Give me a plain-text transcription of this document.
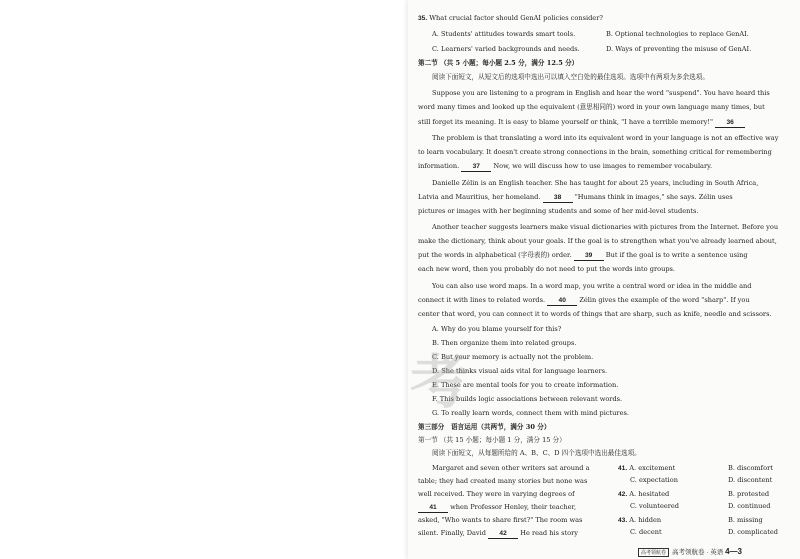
35. What crucial factor should GenAI policies consider?
A. Students' attitudes towards smart tools.	B. Optional technologies to replace GenAI.
C. Learners' varied backgrounds and needs.	D. Ways of preventing the misuse of GenAI.
第二节 （共 5 小题；每小题 2.5 分，满分 12.5 分）
阅读下面短文，从短文后的选项中选出可以填入空白处的最佳选项。选项中有两项为多余选项。
Suppose you are listening to a program in English and hear the word "suspend". You have heard this
word many times and looked up the equivalent (意思相同的) word in your own language many times, but
still forget its meaning. It is easy to blame yourself or think, "I have a terrible memory!" 36
The problem is that translating a word into its equivalent word in your language is not an effective way
to learn vocabulary. It doesn't create strong connections in the brain, something critical for remembering
information. 37 Now, we will discuss how to use images to remember vocabulary.
Danielle Zélin is an English teacher. She has taught for about 25 years, including in South Africa,
Latvia and Mauritius, her homeland. 38 "Humans think in images," she says. Zélin uses
pictures or images with her beginning students and some of her mid-level students.
Another teacher suggests learners make visual dictionaries with pictures from the Internet. Before you
make the dictionary, think about your goals. If the goal is to strengthen what you've already learned about,
put the words in alphabetical (字母表的) order. 39 But if the goal is to write a sentence using
each new word, then you probably do not need to put the words into groups.
You can also use word maps. In a word map, you write a central word or idea in the middle and
connect it with lines to related words. 40 Zélin gives the example of the word "sharp". If you
center that word, you can connect it to words of things that are sharp, such as knife, needle and scissors.
A. Why do you blame yourself for this?
B. Then organize them into related groups.
C. But your memory is actually not the problem.
D. She thinks visual aids vital for language learners.
E. These are mental tools for you to create information.
F. This builds logic associations between relevant words.
G. To really learn words, connect them with mind pictures.
第三部分　语言运用（共两节，满分 30 分）
第一节 （共 15 小题；每小题 1 分，满分 15 分）
阅读下面短文，从每题所给的 A、B、C、D 四个选项中选出最佳选项。
Margaret and seven other writers sat around a
table; they had created many stories but none was
well received. They were in varying degrees of
41 when Professor Henley, their teacher,
asked, "Who wants to share first?" The room was
silent. Finally, David 42 He read his story
41. A. excitement	B. discomfort
C. expectation	D. discontent
42. A. hesitated	B. protested
C. volunteered	D. continued
43. A. hidden	B. missing
C. decent	D. complicated
考
高考领航卷 高考领航卷 · 英语 4—3
